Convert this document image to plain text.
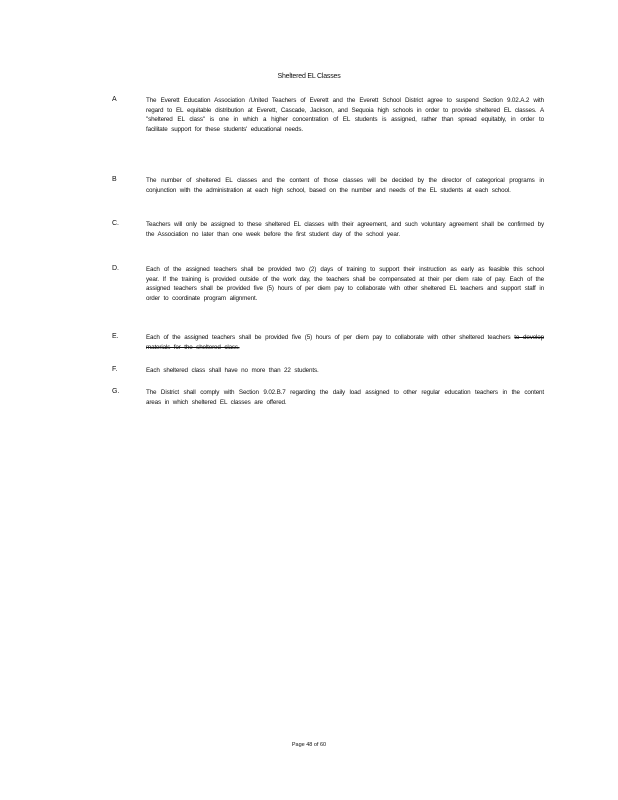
Sheltered EL Classes
A	The Everett Education Association /United Teachers of Everett and the Everett School District agree to suspend Section 9.02.A.2 with regard to EL equitable distribution at Everett, Cascade, Jackson, and Sequoia high schools in order to provide sheltered EL classes. A "sheltered EL class" is one in which a higher concentration of EL students is assigned, rather than spread equitably, in order to facilitate support for these students' educational needs.
B	The number of sheltered EL classes and the content of those classes will be decided by the director of categorical programs in conjunction with the administration at each high school, based on the number and needs of the EL students at each school.
C.	Teachers will only be assigned to these sheltered EL classes with their agreement, and such voluntary agreement shall be confirmed by the Association no later than one week before the first student day of the school year.
D.	Each of the assigned teachers shall be provided two (2) days of training to support their instruction as early as feasible this school year. If the training is provided outside of the work day, the teachers shall be compensated at their per diem rate of pay. Each of the assigned teachers shall be provided five (5) hours of per diem pay to collaborate with other sheltered EL teachers and support staff in order to coordinate program alignment.
E.	Each of the assigned teachers shall be provided five (5) hours of per diem pay to collaborate with other sheltered teachers to develop materials for the sheltered class.
F.	Each sheltered class shall have no more than 22 students.
G.	The District shall comply with Section 9.02.B.7 regarding the daily load assigned to other regular education teachers in the content areas in which sheltered EL classes are offered.
Page 48 of 60
